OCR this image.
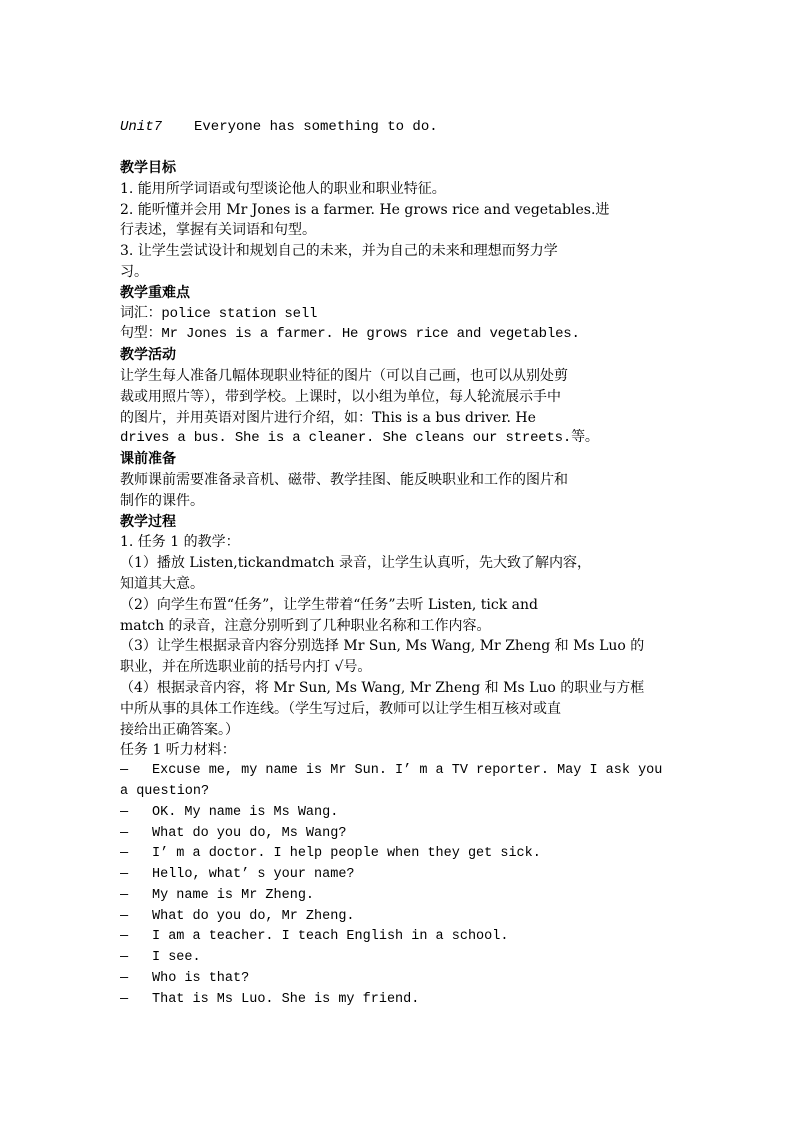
Unit7 Everyone has something to do.
教学目标
1. 能用所学词语或句型谈论他人的职业和职业特征。
2. 能听懂并会用 Mr Jones is a farmer. He grows rice and vegetables.进
行表述，掌握有关词语和句型。
3. 让学生尝试设计和规划自己的未来，并为自己的未来和理想而努力学
习。
教学重难点
词汇：police station sell
句型：Mr Jones is a farmer. He grows rice and vegetables.
教学活动
让学生每人准备几幅体现职业特征的图片（可以自己画，也可以从别处剪
裁或用照片等），带到学校。上课时，以小组为单位，每人轮流展示手中
的图片，并用英语对图片进行介绍，如：This is a bus driver. He
drives a bus. She is a cleaner. She cleans our streets.等。
课前准备
教师课前需要准备录音机、磁带、教学挂图、能反映职业和工作的图片和
制作的课件。
教学过程
1. 任务 1 的教学：
（1）播放 Listen,tickandmatch 录音，让学生认真听，先大致了解内容，
知道其大意。
（2）向学生布置“任务”，让学生带着“任务”去听 Listen, tick and
match 的录音，注意分别听到了几种职业名称和工作内容。
（3）让学生根据录音内容分别选择 Mr Sun, Ms Wang, Mr Zheng 和 Ms Luo 的
职业，并在所选职业前的括号内打 √号。
（4）根据录音内容，将 Mr Sun, Ms Wang, Mr Zheng 和 Ms Luo 的职业与方框
中所从事的具体工作连线。（学生写过后，教师可以让学生相互核对或直
接给出正确答案。）
任务 1 听力材料：
— Excuse me, my name is Mr Sun. I’ m a TV reporter. May I ask you
a question?
— OK. My name is Ms Wang.
— What do you do, Ms Wang?
— I’ m a doctor. I help people when they get sick.
— Hello, what’ s your name?
— My name is Mr Zheng.
— What do you do, Mr Zheng.
— I am a teacher. I teach English in a school.
— I see.
— Who is that?
— That is Ms Luo. She is my friend.
